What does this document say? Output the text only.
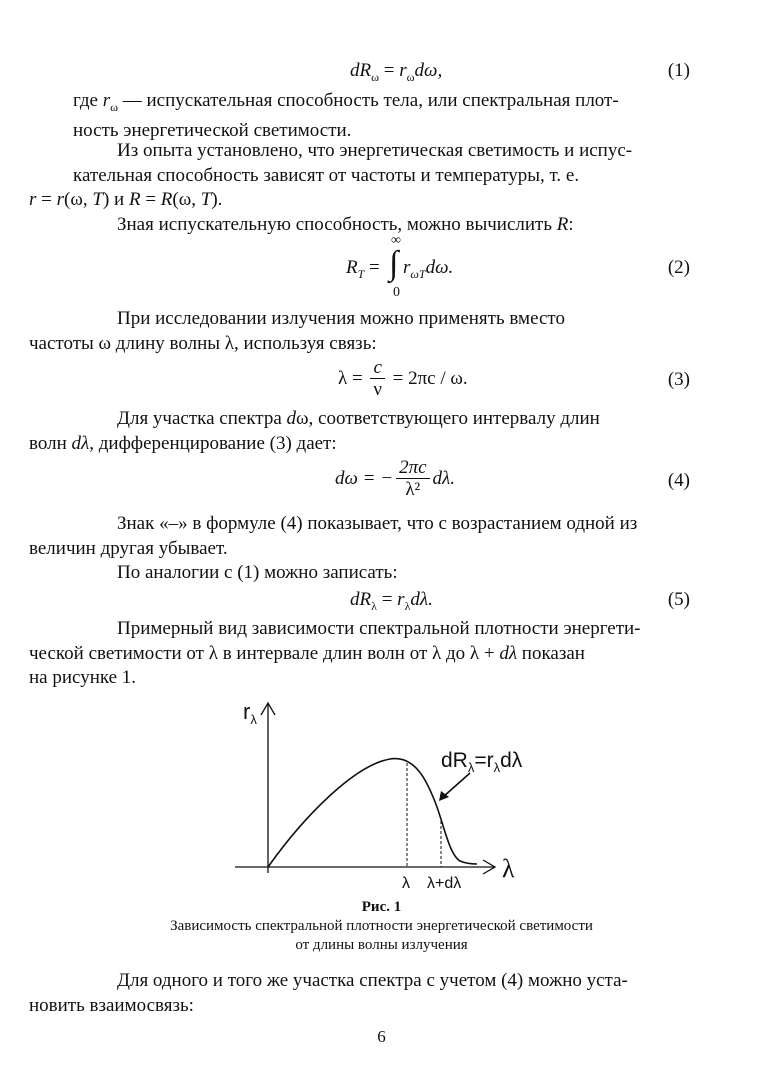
$dR_\omega = r_\omega d\omega$,	(1)

где $r_\omega$ — испускательная способность тела, или спектральная плот-
ность энергетической светимости.

Из опыта установлено, что энергетическая светимость и испус-
кательная способность зависят от частоты и температуры, т. е.
r = r(ω, T) и R = R(ω, T).

Зная испускательную способность, можно вычислить R:

∞
$R_T$ = ∫ $r_{\omega T}d\omega$.
0
(2)

При исследовании излучения можно применять вместо
частоты ω длину волны λ, используя связь:

$\lambda = \frac{c}{\nu} = 2\pi c / \omega$.	(3)

Для участка спектра dω, соответствующего интервалу длин
волн dλ, дифференцирование (3) дает:

dω = − $\frac{2\pi c}{\text{λ²}} d\lambda$.	(4)

Знак «–» в формуле (4) показывает, что с возрастанием одной из
величин другая убывает.

По аналогии с (1) можно записать:

$dR_\lambda = r_\lambda d\lambda$.	(5)

Примерный вид зависимости спектральной плотности энергети-
ческой светимости от λ в интервале длин волн от λ до λ + dλ показан
на рисунке 1.

$r_\lambda$
λ
λ λ+dλ
$dR_\lambda=r_\lambda d\lambda$
Рис. 1
Зависимость спектральной плотности энергетической светимости
от длины волны излучения

Для одного и того же участка спектра с учетом (4) можно уста-
новить взаимосвязь:

6
